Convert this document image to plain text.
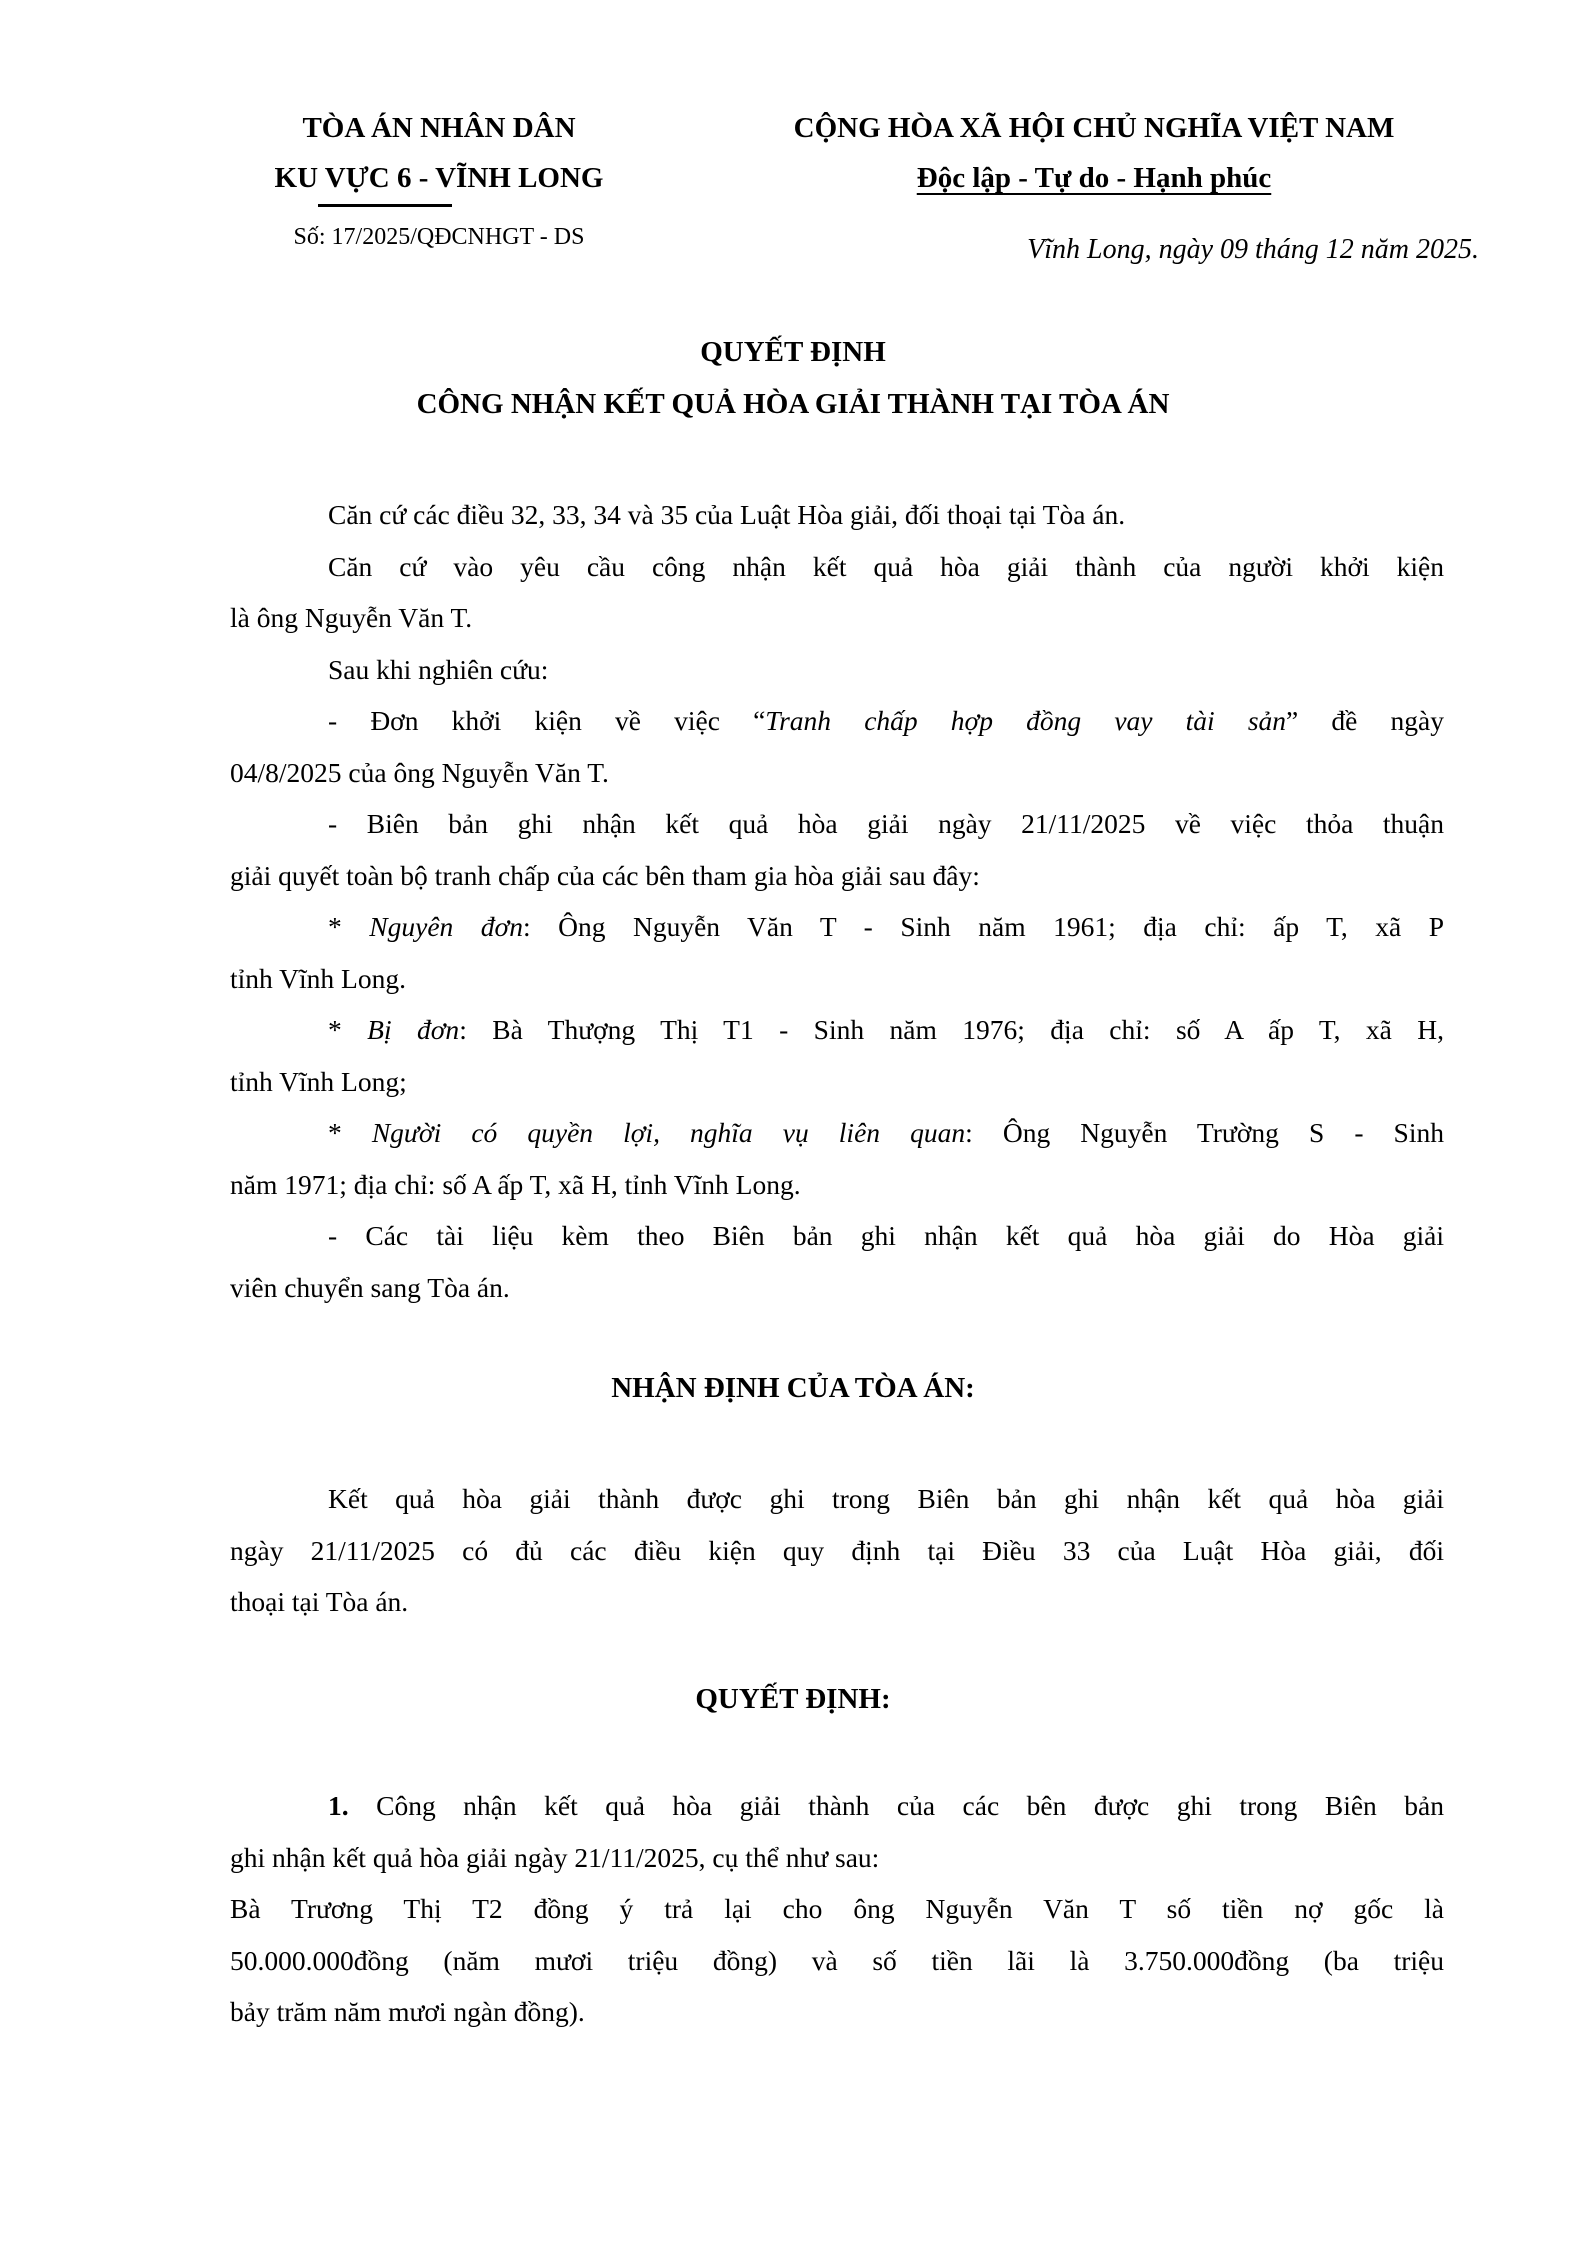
TÒA ÁN NHÂN DÂN
KU VỰC 6 - VĨNH LONG
Số: 17/2025/QĐCNHGT - DS
CỘNG HÒA XÃ HỘI CHỦ NGHĨA VIỆT NAM
Độc lập - Tự do - Hạnh phúc
Vĩnh Long, ngày 09 tháng 12 năm 2025.
QUYẾT ĐỊNH
CÔNG NHẬN KẾT QUẢ HÒA GIẢI THÀNH TẠI TÒA ÁN
Căn cứ các điều 32, 33, 34 và 35 của Luật Hòa giải, đối thoại tại Tòa án.
Căn cứ vào yêu cầu công nhận kết quả hòa giải thành của người khởi kiện
là ông Nguyễn Văn T.
Sau khi nghiên cứu:
- Đơn khởi kiện về việc “Tranh chấp hợp đồng vay tài sản” đề ngày
04/8/2025 của ông Nguyễn Văn T.
- Biên bản ghi nhận kết quả hòa giải ngày 21/11/2025 về việc thỏa thuận
giải quyết toàn bộ tranh chấp của các bên tham gia hòa giải sau đây:
* Nguyên đơn: Ông Nguyễn Văn T - Sinh năm 1961; địa chỉ: ấp T, xã P
tỉnh Vĩnh Long.
* Bị đơn: Bà Thượng Thị T1 - Sinh năm 1976; địa chỉ: số A ấp T, xã H,
tỉnh Vĩnh Long;
* Người có quyền lợi, nghĩa vụ liên quan: Ông Nguyễn Trường S - Sinh
năm 1971; địa chỉ: số A ấp T, xã H, tỉnh Vĩnh Long.
- Các tài liệu kèm theo Biên bản ghi nhận kết quả hòa giải do Hòa giải
viên chuyển sang Tòa án.
NHẬN ĐỊNH CỦA TÒA ÁN:
Kết quả hòa giải thành được ghi trong Biên bản ghi nhận kết quả hòa giải
ngày 21/11/2025 có đủ các điều kiện quy định tại Điều 33 của Luật Hòa giải, đối
thoại tại Tòa án.
QUYẾT ĐỊNH:
1. Công nhận kết quả hòa giải thành của các bên được ghi trong Biên bản
ghi nhận kết quả hòa giải ngày 21/11/2025, cụ thể như sau:
Bà Trương Thị T2 đồng ý trả lại cho ông Nguyễn Văn T số tiền nợ gốc là
50.000.000đồng (năm mươi triệu đồng) và số tiền lãi là 3.750.000đồng (ba triệu
bảy trăm năm mươi ngàn đồng).
